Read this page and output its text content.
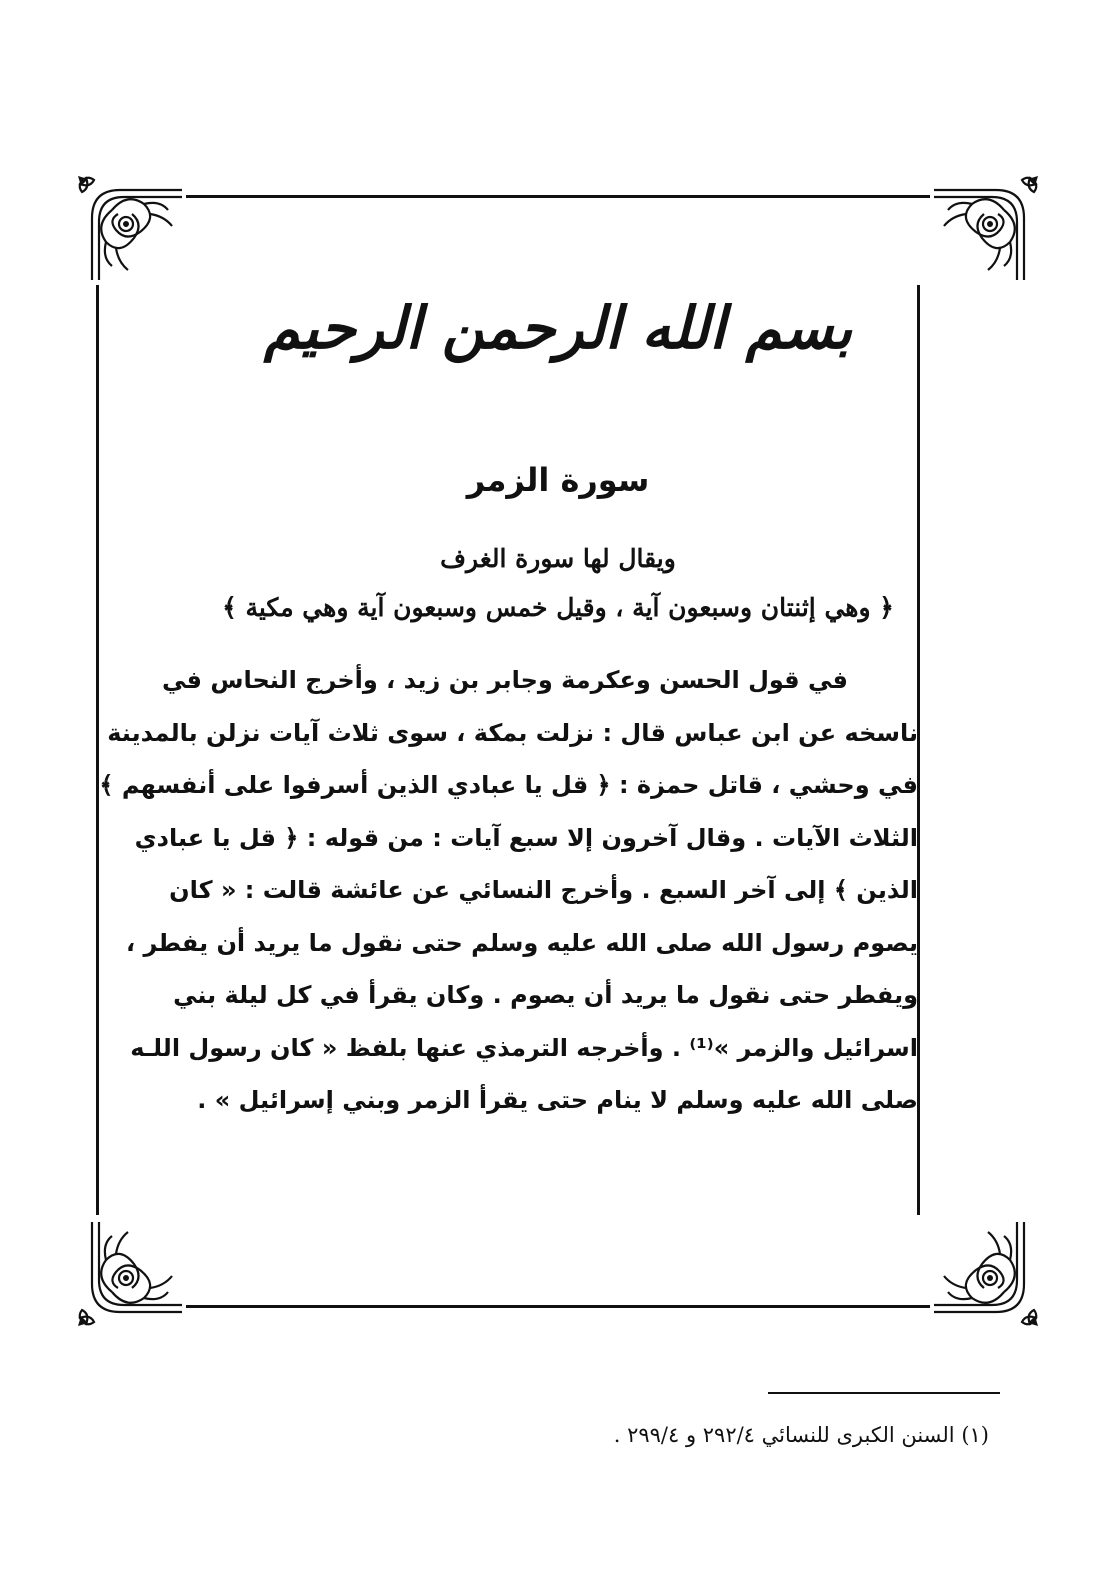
بسم الله الرحمن الرحيم
سورة الزمر
ويقال لها سورة الغرف
﴿ وهي إثنتان وسبعون آية ، وقيل خمس وسبعون آية وهي مكية ﴾
في قول الحسن وعكرمة وجابر بن زيد ، وأخرج النحاس في
ناسخه عن ابن عباس قال : نزلت بمكة ، سوى ثلاث آيات نزلن بالمدينة
في وحشي ، قاتل حمزة : ﴿ قل يا عبادي الذين أسرفوا على أنفسهم ﴾
الثلاث الآيات . وقال آخرون إلا سبع آيات : من قوله : ﴿ قل يا عبادي
الذين ﴾ إلى آخر السبع . وأخرج النسائي عن عائشة قالت : « كان
يصوم رسول الله صلى الله عليه وسلم حتى نقول ما يريد أن يفطر ،
ويفطر حتى نقول ما يريد أن يصوم . وكان يقرأ في كل ليلة بني
اسرائيل والزمر »⁽¹⁾ . وأخرجه الترمذي عنها بلفظ « كان رسول اللـه
صلى الله عليه وسلم لا ينام حتى يقرأ الزمر وبني إسرائيل » .
(١) السنن الكبرى للنسائي ٢٩٢/٤ و ٢٩٩/٤ .
